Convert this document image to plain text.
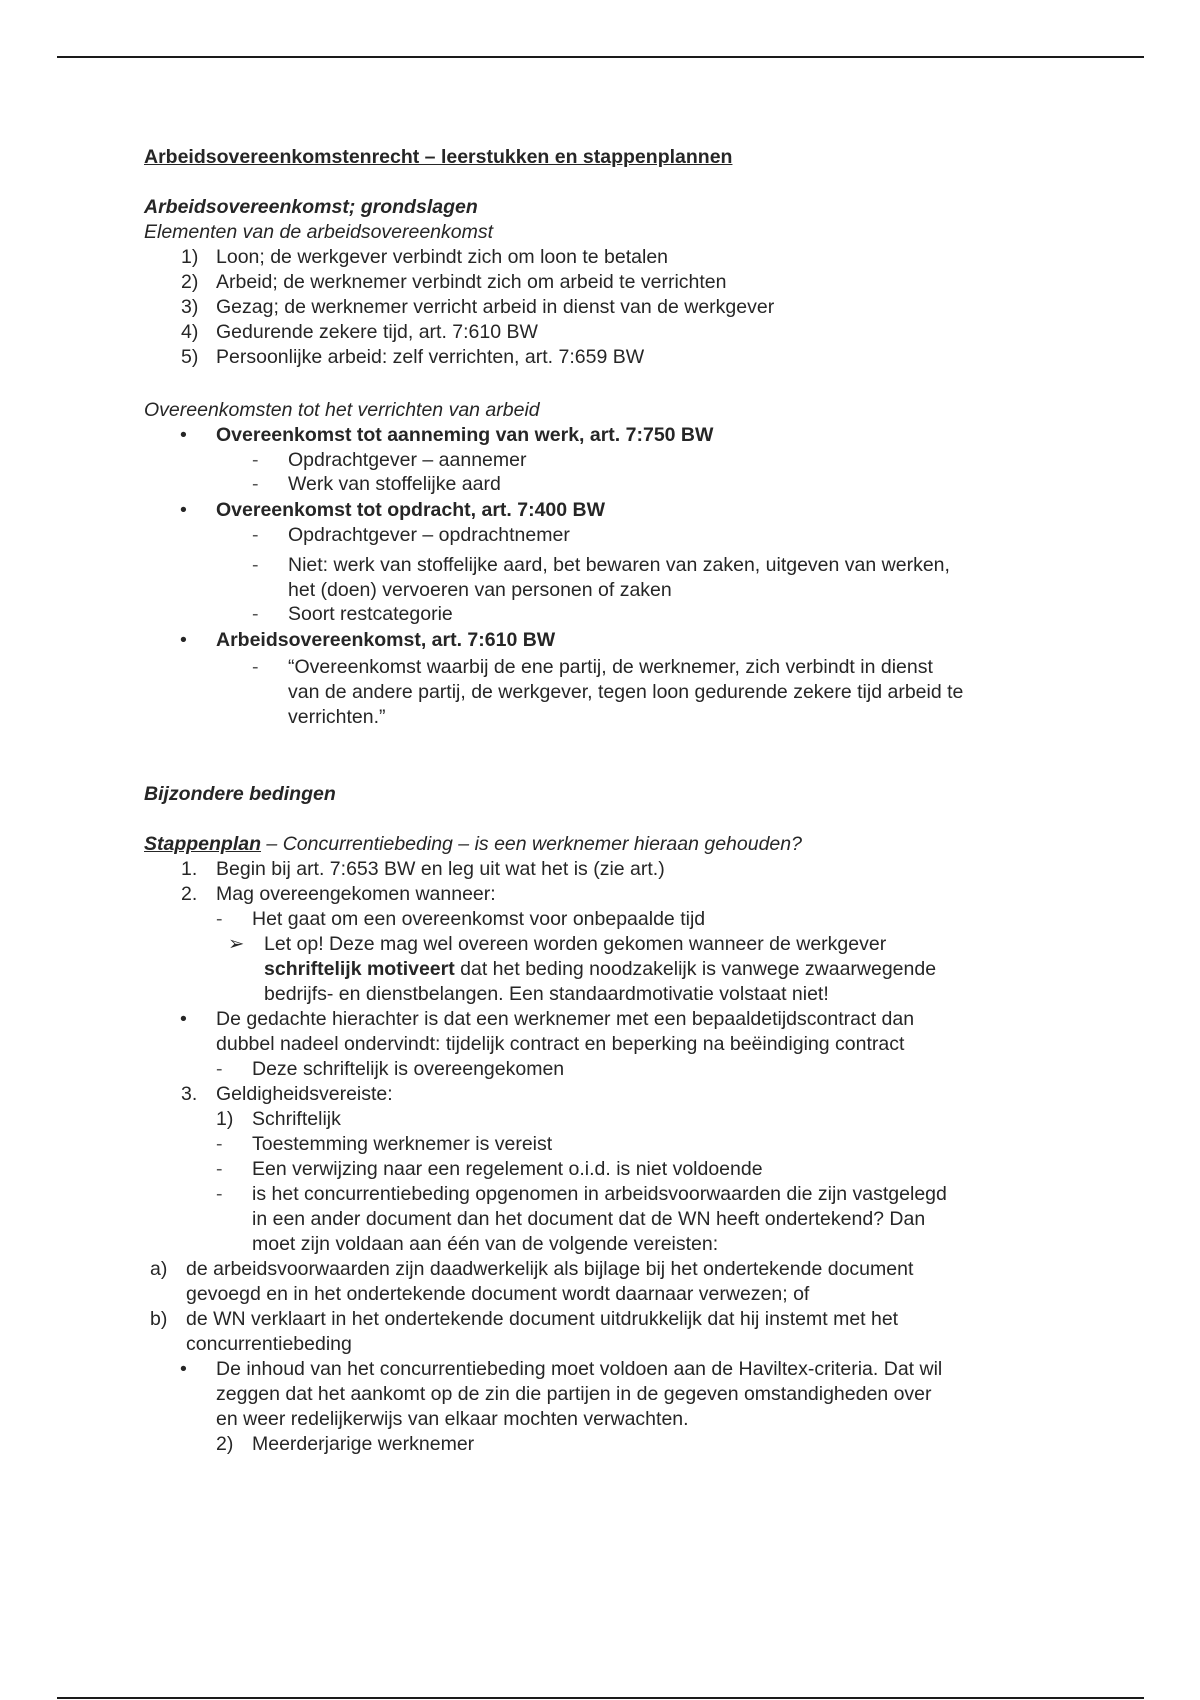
Arbeidsovereenkomstenrecht – leerstukken en stappenplannen
Arbeidsovereenkomst; grondslagen
Elementen van de arbeidsovereenkomst
1) Loon; de werkgever verbindt zich om loon te betalen
2) Arbeid; de werknemer verbindt zich om arbeid te verrichten
3) Gezag; de werknemer verricht arbeid in dienst van de werkgever
4) Gedurende zekere tijd, art. 7:610 BW
5) Persoonlijke arbeid: zelf verrichten, art. 7:659 BW
Overeenkomsten tot het verrichten van arbeid
• Overeenkomst tot aanneming van werk, art. 7:750 BW
- Opdrachtgever – aannemer
- Werk van stoffelijke aard
• Overeenkomst tot opdracht, art. 7:400 BW
- Opdrachtgever – opdrachtnemer
- Niet: werk van stoffelijke aard, bet bewaren van zaken, uitgeven van werken,
het (doen) vervoeren van personen of zaken
- Soort restcategorie
• Arbeidsovereenkomst, art. 7:610 BW
- “Overeenkomst waarbij de ene partij, de werknemer, zich verbindt in dienst
van de andere partij, de werkgever, tegen loon gedurende zekere tijd arbeid te
verrichten.”
Bijzondere bedingen
Stappenplan – Concurrentiebeding – is een werknemer hieraan gehouden?
1. Begin bij art. 7:653 BW en leg uit wat het is (zie art.)
2. Mag overeengekomen wanneer:
- Het gaat om een overeenkomst voor onbepaalde tijd
➢ Let op! Deze mag wel overeen worden gekomen wanneer de werkgever
schriftelijk motiveert dat het beding noodzakelijk is vanwege zwaarwegende
bedrijfs- en dienstbelangen. Een standaardmotivatie volstaat niet!
• De gedachte hierachter is dat een werknemer met een bepaaldetijdscontract dan
dubbel nadeel ondervindt: tijdelijk contract en beperking na beëindiging contract
- Deze schriftelijk is overeengekomen
3. Geldigheidsvereiste:
1) Schriftelijk
- Toestemming werknemer is vereist
- Een verwijzing naar een regelement o.i.d. is niet voldoende
- is het concurrentiebeding opgenomen in arbeidsvoorwaarden die zijn vastgelegd
in een ander document dan het document dat de WN heeft ondertekend? Dan
moet zijn voldaan aan één van de volgende vereisten:
a) de arbeidsvoorwaarden zijn daadwerkelijk als bijlage bij het ondertekende document
gevoegd en in het ondertekende document wordt daarnaar verwezen; of
b) de WN verklaart in het ondertekende document uitdrukkelijk dat hij instemt met het
concurrentiebeding
• De inhoud van het concurrentiebeding moet voldoen aan de Haviltex-criteria. Dat wil
zeggen dat het aankomt op de zin die partijen in de gegeven omstandigheden over
en weer redelijkerwijs van elkaar mochten verwachten.
2) Meerderjarige werknemer
